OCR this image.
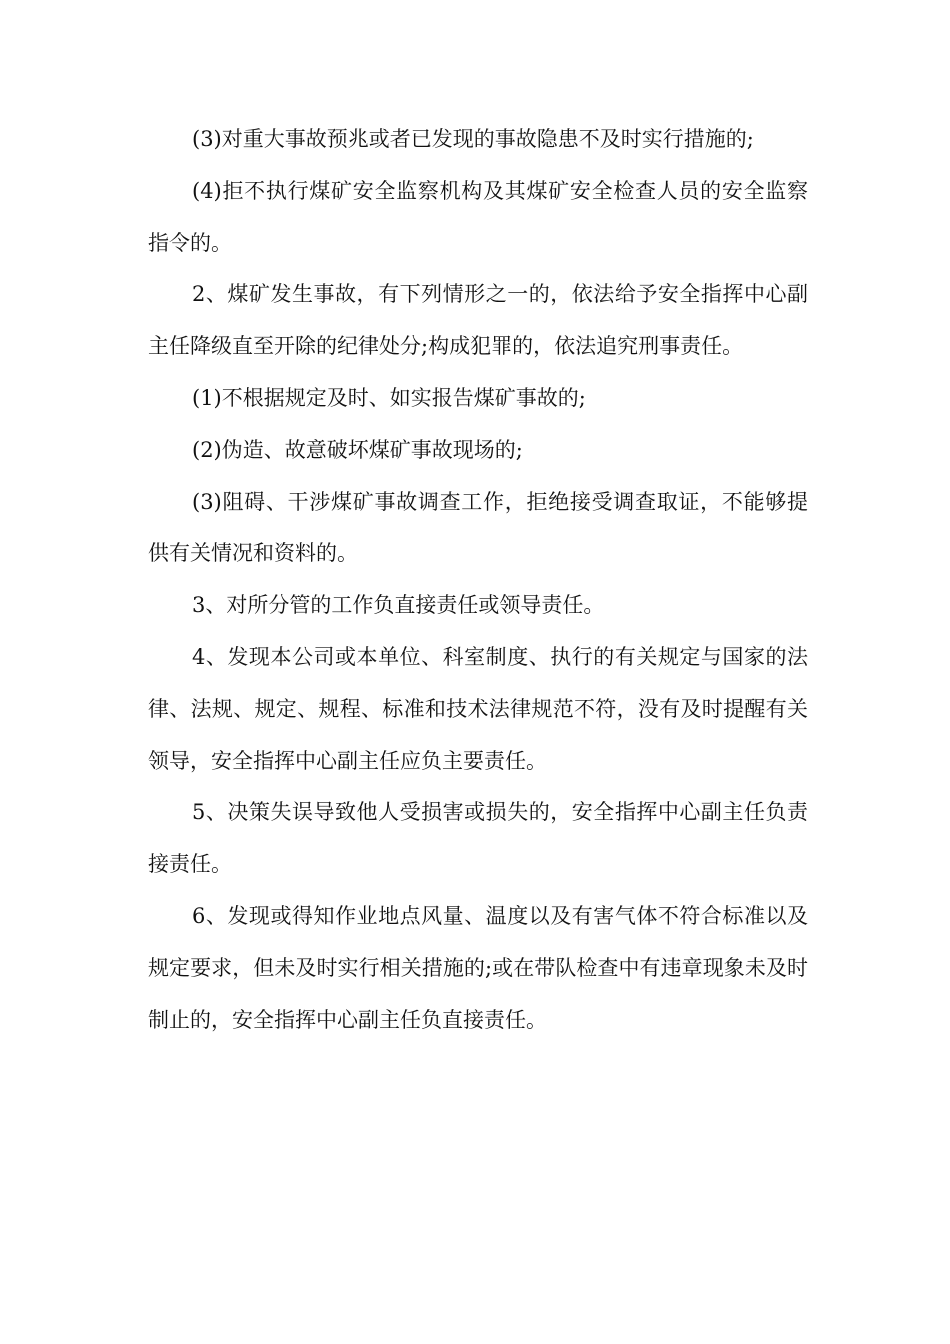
(3)对重大事故预兆或者已发现的事故隐患不及时实行措施的;

(4)拒不执行煤矿安全监察机构及其煤矿安全检查人员的安全监察指令的。

2、煤矿发生事故，有下列情形之一的，依法给予安全指挥中心副主任降级直至开除的纪律处分;构成犯罪的，依法追究刑事责任。

(1)不根据规定及时、如实报告煤矿事故的;

(2)伪造、故意破坏煤矿事故现场的;

(3)阻碍、干涉煤矿事故调查工作，拒绝接受调查取证，不能够提供有关情况和资料的。

3、对所分管的工作负直接责任或领导责任。

4、发现本公司或本单位、科室制度、执行的有关规定与国家的法律、法规、规定、规程、标准和技术法律规范不符，没有及时提醒有关领导，安全指挥中心副主任应负主要责任。

5、决策失误导致他人受损害或损失的，安全指挥中心副主任负责接责任。

6、发现或得知作业地点风量、温度以及有害气体不符合标准以及规定要求，但未及时实行相关措施的;或在带队检查中有违章现象未及时制止的，安全指挥中心副主任负直接责任。
